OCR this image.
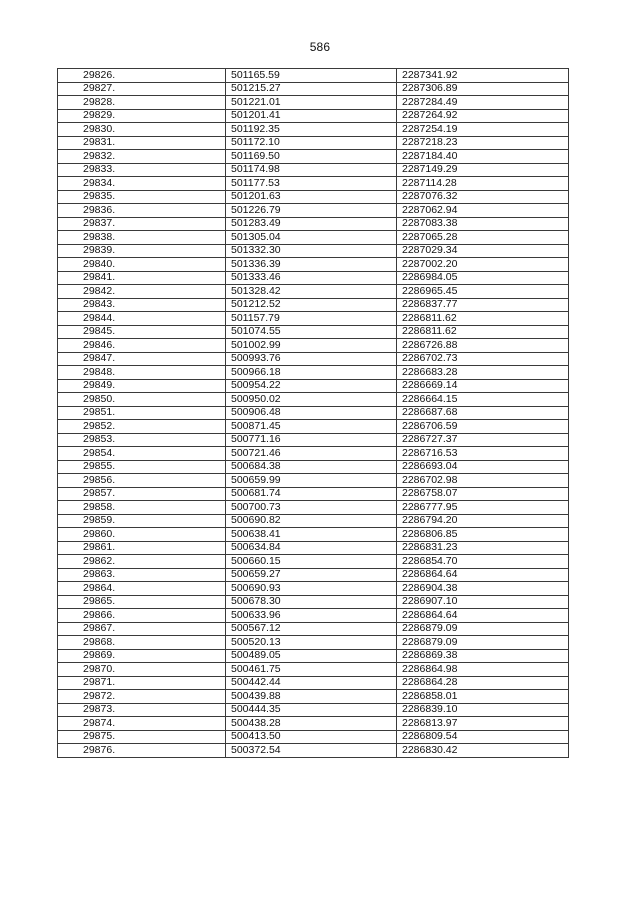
586
29826.	501165.59	2287341.92
29827.	501215.27	2287306.89
29828.	501221.01	2287284.49
29829.	501201.41	2287264.92
29830.	501192.35	2287254.19
29831.	501172.10	2287218.23
29832.	501169.50	2287184.40
29833.	501174.98	2287149.29
29834.	501177.53	2287114.28
29835.	501201.63	2287076.32
29836.	501226.79	2287062.94
29837.	501283.49	2287083.38
29838.	501305.04	2287065.28
29839.	501332.30	2287029.34
29840.	501336.39	2287002.20
29841.	501333.46	2286984.05
29842.	501328.42	2286965.45
29843.	501212.52	2286837.77
29844.	501157.79	2286811.62
29845.	501074.55	2286811.62
29846.	501002.99	2286726.88
29847.	500993.76	2286702.73
29848.	500966.18	2286683.28
29849.	500954.22	2286669.14
29850.	500950.02	2286664.15
29851.	500906.48	2286687.68
29852.	500871.45	2286706.59
29853.	500771.16	2286727.37
29854.	500721.46	2286716.53
29855.	500684.38	2286693.04
29856.	500659.99	2286702.98
29857.	500681.74	2286758.07
29858.	500700.73	2286777.95
29859.	500690.82	2286794.20
29860.	500638.41	2286806.85
29861.	500634.84	2286831.23
29862.	500660.15	2286854.70
29863.	500659.27	2286864.64
29864.	500690.93	2286904.38
29865.	500678.30	2286907.10
29866.	500633.96	2286864.64
29867.	500567.12	2286879.09
29868.	500520.13	2286879.09
29869.	500489.05	2286869.38
29870.	500461.75	2286864.98
29871.	500442.44	2286864.28
29872.	500439.88	2286858.01
29873.	500444.35	2286839.10
29874.	500438.28	2286813.97
29875.	500413.50	2286809.54
29876.	500372.54	2286830.42
